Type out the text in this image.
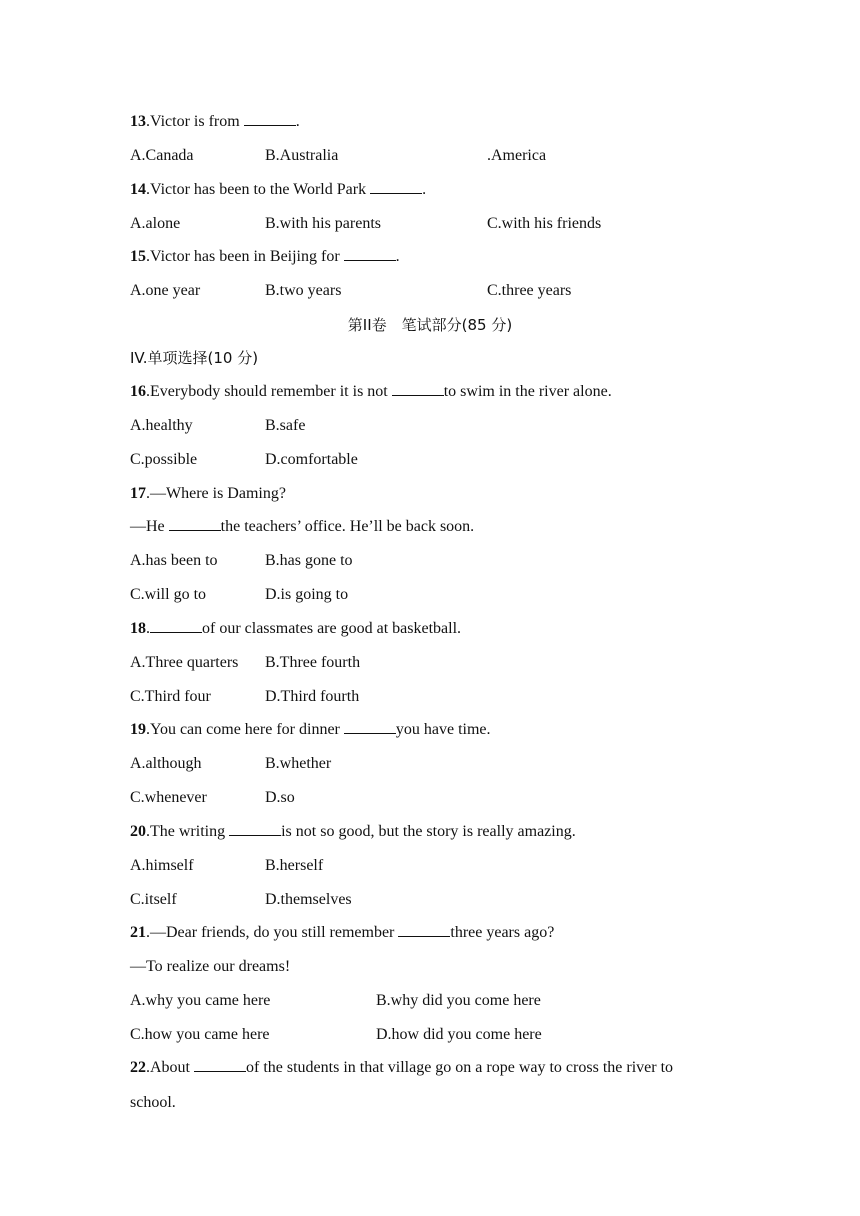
13.Victor is from	.
A.Canada	B.Australia	.America
14.Victor has been to the World Park	.
A.alone	B.with his parents	C.with his friends
15.Victor has been in Beijing for	.
A.one year	B.two years	C.three years
第II卷　笔试部分(85 分)
IV.单项选择(10 分)
16.Everybody should remember it is not	to swim in the river alone.
A.healthy	B.safe
C.possible	D.comfortable
17.—Where is Daming?
—He	the teachers’ office. He’ll be back soon.
A.has been to	B.has gone to
C.will go to	D.is going to
18.	of our classmates are good at basketball.
A.Three quarters B.Three fourth
C.Third four	D.Third fourth
19.You can come here for dinner	you have time.
A.although	B.whether
C.whenever	D.so
20.The writing	is not so good, but the story is really amazing.
A.himself	B.herself
C.itself	D.themselves
21.—Dear friends, do you still remember	three years ago?
—To realize our dreams!
A.why you came here	B.why did you come here
C.how you came here	D.how did you come here
22.About	of the students in that village go on a rope way to cross the river to
school.
